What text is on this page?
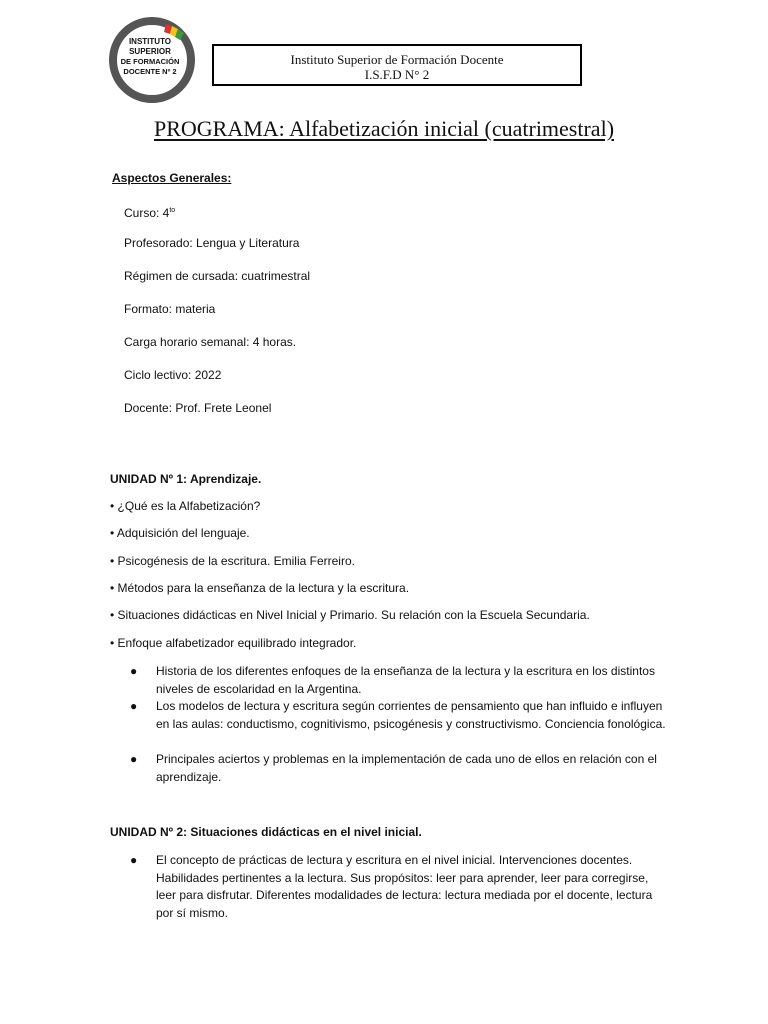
INSTITUTO
SUPERIOR
DE FORMACIÓN
DOCENTE Nº 2
Instituto Superior de Formación Docente
I.S.F.D N° 2
PROGRAMA: Alfabetización inicial (cuatrimestral)
Aspectos Generales:
Curso: $4^{to}$
Profesorado: Lengua y Literatura
Régimen de cursada: cuatrimestral
Formato: materia
Carga horario semanal: 4 horas.
Ciclo lectivo: 2022
Docente: Prof. Frete Leonel
UNIDAD Nº 1: Aprendizaje.
• ¿Qué es la Alfabetización?
• Adquisición del lenguaje.
• Psicogénesis de la escritura. Emilia Ferreiro.
• Métodos para la enseñanza de la lectura y la escritura.
• Situaciones didácticas en Nivel Inicial y Primario. Su relación con la Escuela Secundaria.
• Enfoque alfabetizador equilibrado integrador.
●	Historia de los diferentes enfoques de la enseñanza de la lectura y la escritura en los distintos niveles de escolaridad en la Argentina.
●	Los modelos de lectura y escritura según corrientes de pensamiento que han influido e influyen en las aulas: conductismo, cognitivismo, psicogénesis y constructivismo. Conciencia fonológica.
●	Principales aciertos y problemas en la implementación de cada uno de ellos en relación con el aprendizaje.
UNIDAD Nº 2: Situaciones didácticas en el nivel inicial.
●	El concepto de prácticas de lectura y escritura en el nivel inicial. Intervenciones docentes. Habilidades pertinentes a la lectura. Sus propósitos: leer para aprender, leer para corregirse, leer para disfrutar. Diferentes modalidades de lectura: lectura mediada por el docente, lectura por sí mismo.
